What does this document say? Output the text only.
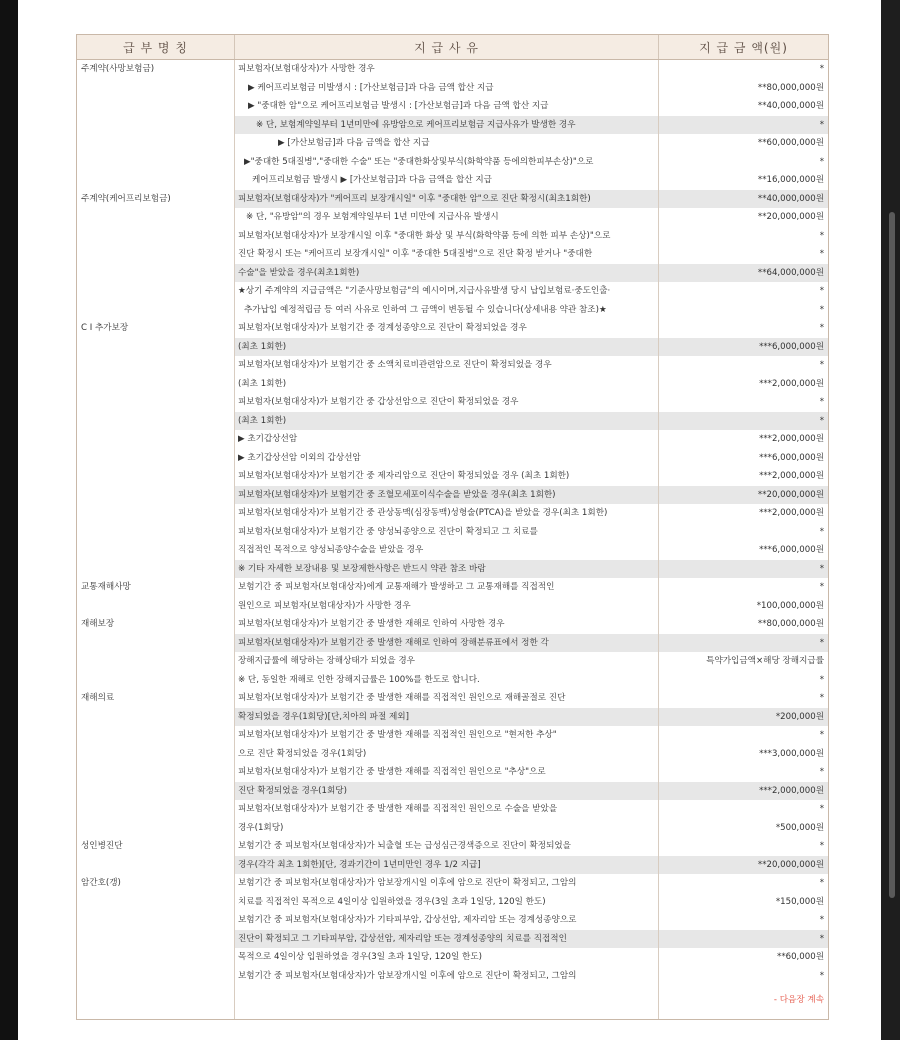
급 부 명 칭	지 급 사 유	지 급 금 액(원)
주계약(사망보험금)	피보험자(보험대상자)가 사망한 경우	*
	▶ 케어프리보험금 미발생시 : [가산보험금]과 다음 금액 합산 지급	**80,000,000원
	▶ "중대한 암"으로 케어프리보험금 발생시 : [가산보험금]과 다음 금액 합산 지급	**40,000,000원
	※ 단, 보험계약일부터 1년미만에 유방암으로 케어프리보험금 지급사유가 발생한 경우	*
	▶ [가산보험금]과 다음 금액을 합산 지급	**60,000,000원
	▶"중대한 5대질병","중대한 수술" 또는 "중대한화상및부식(화학약품 등에의한피부손상)"으로	*
	케어프리보험금 발생시 ▶ [가산보험금]과 다음 금액을 합산 지급	**16,000,000원
주계약(케어프리보험금)	피보험자(보험대상자)가 "케어프리 보장개시일" 이후 "중대한 암"으로 진단 확정시(최초1회한)	**40,000,000원
	※ 단, "유방암"의 경우 보험계약일부터 1년 미만에 지급사유 발생시	**20,000,000원
	피보험자(보험대상자)가 보장개시일 이후 "중대한 화상 및 부식(화학약품 등에 의한 피부 손상)"으로	*
	진단 확정시 또는 "케어프리 보장개시일" 이후 "중대한 5대질병"으로 진단 확정 받거나 "중대한	*
	수술"을 받았을 경우(최초1회한)	**64,000,000원
	★상기 주계약의 지급금액은 "기준사망보험금"의 예시이며,지급사유발생 당시 납입보험료·중도인출·	*
	추가납입 예정적립금 등 여러 사유로 인하여 그 금액이 변동될 수 있습니다(상세내용 약관 참조)★	*
C I 추가보장	피보험자(보험대상자)가 보험기간 중 경계성종양으로 진단이 확정되었을 경우	*
	(최초 1회한)	***6,000,000원
	피보험자(보험대상자)가 보험기간 중 소액치료비관련암으로 진단이 확정되었을 경우	*
	(최초 1회한)	***2,000,000원
	피보험자(보험대상자)가 보험기간 중 갑상선암으로 진단이 확정되었을 경우	*
	(최초 1회한)	*
	▶ 초기갑상선암	***2,000,000원
	▶ 초기갑상선암 이외의 갑상선암	***6,000,000원
	피보험자(보험대상자)가 보험기간 중 제자리암으로 진단이 확정되었을 경우 (최초 1회한)	***2,000,000원
	피보험자(보험대상자)가 보험기간 중 조혈모세포이식수술을 받았을 경우(최초 1회한)	**20,000,000원
	피보험자(보험대상자)가 보험기간 중 관상동맥(심장동맥)성형술(PTCA)을 받았을 경우(최초 1회한)	***2,000,000원
	피보험자(보험대상자)가 보험기간 중 양성뇌종양으로 진단이 확정되고 그 치료를	*
	직접적인 목적으로 양성뇌종양수술을 받았을 경우	***6,000,000원
	※ 기타 자세한 보장내용 및 보장제한사항은 반드시 약관 참조 바람	*
교통재해사망	보험기간 중 피보험자(보험대상자)에게 교통재해가 발생하고 그 교통재해를 직접적인	*
	원인으로 피보험자(보험대상자)가 사망한 경우	*100,000,000원
재해보장	피보험자(보험대상자)가 보험기간 중 발생한 재해로 인하여 사망한 경우	**80,000,000원
	피보험자(보험대상자)가 보험기간 중 발생한 재해로 인하여 장해분류표에서 정한 각	*
	장해지급률에 해당하는 장해상태가 되었을 경우	특약가입금액×해당 장해지급률
	※ 단, 동일한 재해로 인한 장해지급률은 100%를 한도로 합니다.	*
재해의료	피보험자(보험대상자)가 보험기간 중 발생한 재해를 직접적인 원인으로 재해골절로 진단	*
	확정되었을 경우(1회당)[단,치아의 파절 제외]	*200,000원
	피보험자(보험대상자)가 보험기간 중 발생한 재해를 직접적인 원인으로 "현저한 추상"	*
	으로 진단 확정되었을 경우(1회당)	***3,000,000원
	피보험자(보험대상자)가 보험기간 중 발생한 재해를 직접적인 원인으로 "추상"으로	*
	진단 확정되었을 경우(1회당)	***2,000,000원
	피보험자(보험대상자)가 보험기간 중 발생한 재해를 직접적인 원인으로 수술을 받았을	*
	경우(1회당)	*500,000원
성인병진단	보험기간 중 피보험자(보험대상자)가 뇌출혈 또는 급성심근경색증으로 진단이 확정되었을	*
	경우(각각 최초 1회한)[단, 경과기간이 1년미만인 경우 1/2 지급]	**20,000,000원
암간호(갱)	보험기간 중 피보험자(보험대상자)가 암보장개시일 이후에 암으로 진단이 확정되고, 그암의	*
	치료를 직접적인 목적으로 4일이상 입원하였을 경우(3일 초과 1일당, 120일 한도)	*150,000원
	보험기간 중 피보험자(보험대상자)가 기타피부암, 갑상선암, 제자리암 또는 경계성종양으로	*
	진단이 확정되고 그 기타피부암, 갑상선암, 제자리암 또는 경계성종양의 치료를 직접적인	*
	목적으로 4일이상 입원하였을 경우(3일 초과 1일당, 120일 한도)	**60,000원
	보험기간 중 피보험자(보험대상자)가 암보장개시일 이후에 암으로 진단이 확정되고, 그암의	*
		- 다음장 계속
